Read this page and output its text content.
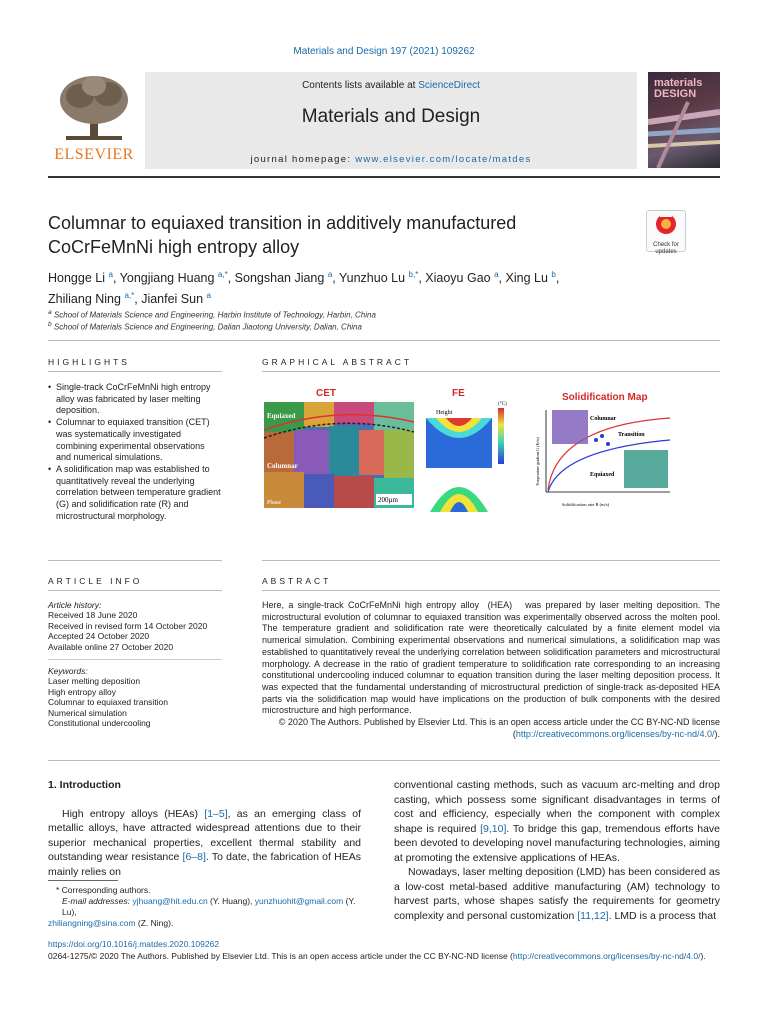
Materials and Design 197 (2021) 109262
ELSEVIER
Contents lists available at ScienceDirect
Materials and Design
journal homepage: www.elsevier.com/locate/matdes
materials DESIGN
Columnar to equiaxed transition in additively manufactured CoCrFeMnNi high entropy alloy	Check for updates
Hongge Li $^a$, Yongjiang Huang $^{a,*}$, Songshan Jiang $^a$, Yunzhuo Lu $^{b,*}$, Xiaoyu Gao $^a$, Xing Lu $^b$,
Zhiliang Ning $^{a,*}$, Jianfei Sun $^a$
$^a$ School of Materials Science and Engineering, Harbin Institute of Technology, Harbin, China
$^b$ School of Materials Science and Engineering, Dalian Jiaotong University, Dalian, China
HIGHLIGHTS
• Single-track CoCrFeMnNi high entropy alloy was fabricated by laser melting deposition.
• Columnar to equiaxed transition (CET) was systematically investigated combining experimental observations and numerical simulations.
• A solidification map was established to quantitatively reveal the underlying correlation between temperature gradient (G) and solidification rate (R) and microstructural morphology.
GRAPHICAL ABSTRACT
CET
Equiaxed
Columnar
Phase	200µm
FE
Height
(°C)
Solidification Map
Columnar
Transition
Equiaxed
Solidification rate R (m/s)
Temperature gradient G (K/m)
ARTICLE INFO
Article history:
Received 18 June 2020
Received in revised form 14 October 2020
Accepted 24 October 2020
Available online 27 October 2020
Keywords:
Laser melting deposition
High entropy alloy
Columnar to equiaxed transition
Numerical simulation
Constitutional undercooling
ABSTRACT

Here, a single-track CoCrFeMnNi high entropy alloy  (HEA)   was prepared by laser melting deposition. The microstructural evolution of columnar to equiaxed transition was experimentally observed across the molten pool. The temperature gradient and solidification rate were theoretically calculated by a finite element model via numerical simulation. Combining experimental observations and numerical simulations, a solidification map was established to quantitatively reveal the underlying correlation between solidification parameters and microstructural morphology. A decrease in the ratio of gradient temperature to solidification rate corresponding to an increasing constitutional undercooling induced columnar to equation transition during the laser melting deposition process. It was expected that the fundamental understanding of microstructural prediction of single-track as-deposited HEA parts via the solidification map would have implications on the production of bulk components with the desired microstructure and high performance.

© 2020 The Authors. Published by Elsevier Ltd. This is an open access article under the CC BY-NC-ND license (http://creativecommons.org/licenses/by-nc-nd/4.0/).

1. Introduction

High entropy alloys (HEAs) [1–5], as an emerging class of metallic alloys, have attracted widespread attentions due to their superior mechanical properties, excellent thermal stability and outstanding wear resistance [6–8]. To date, the fabrication of HEAs mainly relies on

* Corresponding authors.
E-mail addresses: yjhuang@hit.edu.cn (Y. Huang), yunzhuohit@gmail.com (Y. Lu),
zhiliangning@sina.com (Z. Ning).

conventional casting methods, such as vacuum arc-melting and drop casting, which possess some significant disadvantages in terms of cost and efficiency, especially when the component with complex shape is required [9,10]. To bridge this gap, tremendous efforts have been devoted to developing novel manufacturing technologies, aiming at promoting the extensive applications of HEAs.

Nowadays, laser melting deposition (LMD) has been considered as a low-cost metal-based additive manufacturing (AM) technology to harvest parts, whose shapes satisfy the requirements for geometry complexity and personal customization [11,12]. LMD is a process that

https://doi.org/10.1016/j.matdes.2020.109262
0264-1275/© 2020 The Authors. Published by Elsevier Ltd. This is an open access article under the CC BY-NC-ND license (http://creativecommons.org/licenses/by-nc-nd/4.0/).
